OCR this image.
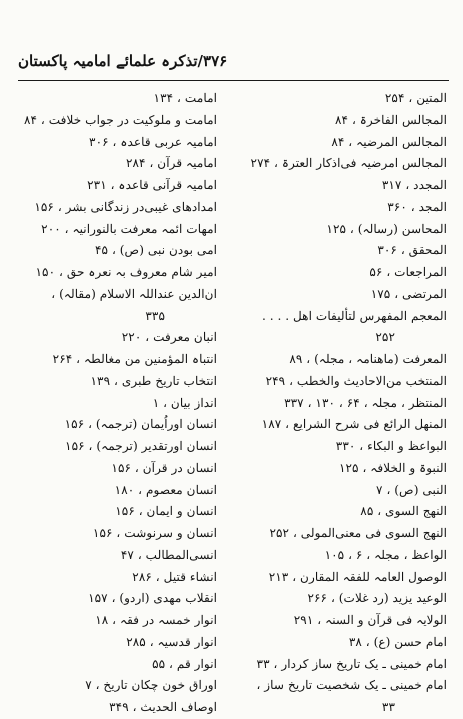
۳۷۶
/
تذکرہ علمائے امامیہ پاکستان
المتین ، ۲۵۴
المجالس الفاخرۃ ، ۸۴
المجالس المرضیہ ، ۸۴
المجالس امرضیہ فی‌اذکار العترۃ ، ۲۷۴
المجدد ، ۳۱۷
المجد ، ۳۶۰
المحاسن (رسالہ) ، ۱۲۵
المحقق ، ۳۰۶
المراجعات ، ۵۶
المرتضی ، ۱۷۵
المعجم المفهرس لتألیفات اهل . . . .
۲۵۲
المعرفت (ماهنامہ ، مجلہ) ، ۸۹
المنتخب من‌الاحادیث والخطب ، ۲۴۹
المنتظر ، مجلہ ، ۶۴ ، ۱۳۰ ، ۳۳۷
المنهل الرائع فی شرح الشرایع ، ۱۸۷
البواعظ و البکاء ، ۳۳۰
النبوۃ و الخلافہ ، ۱۲۵
النبی (ص) ، ۷
النهج السوی ، ۸۵
النهج السوی فی معنی‌المولی ، ۲۵۲
الواعظ ، مجلہ ، ۶ ، ۱۰۵
الوصول العامہ للفقہ المقارن ، ۲۱۳
الوعید یزید (رد غلات) ، ۲۶۶
الولایہ فی قرآن و السنہ ، ۲۹۱
امام حسن (ع) ، ۳۸
امام خمینی ـ یک تاریخ ساز کردار ، ۳۳
امام خمینی ـ یک شخصیت تاریخ ساز ،
۳۳
امامت ، ۱۳۴
امامت و ملوکیت در جواب خلافت ، ۸۴
امامیہ عربی قاعدہ ، ۳۰۶
امامیہ قرآن ، ۲۸۴
امامیہ قرآنی قاعدہ ، ۲۳۱
امدادهای غیبی‌در زندگانی بشر ، ۱۵۶
امهات ائمہ معرفت بالنورانیہ ، ۲۰۰
امی بودن نبی (ص) ، ۴۵
امیر شام معروف بہ نعرہ حق ، ۱۵۰
ان‌الدین عنداللہ الاسلام (مقالہ) ،
۳۳۵
انبان معرفت ، ۲۲۰
انتباہ المؤمنین من مغالطہ ، ۲۶۴
انتخاب تاریخ طبری ، ۱۳۹
انداز بیان ، ۱
انسان اوراُیمان (ترجمہ) ، ۱۵۶
انسان اورتقدیر (ترجمہ) ، ۱۵۶
انسان در قرآن ، ۱۵۶
انسان معصوم ، ۱۸۰
انسان و ایمان ، ۱۵۶
انسان و سرنوشت ، ۱۵۶
انسی‌المطالب ، ۴۷
انشاء قتیل ، ۲۸۶
انقلاب مهدی (اردو) ، ۱۵۷
انوار خمسہ در فقہ ، ۱۸
انوار قدسیہ ، ۲۸۵
انوار قم ، ۵۵
اوراق خون چکان تاریخ ، ۷
اوصاف الحدیث ، ۳۴۹
